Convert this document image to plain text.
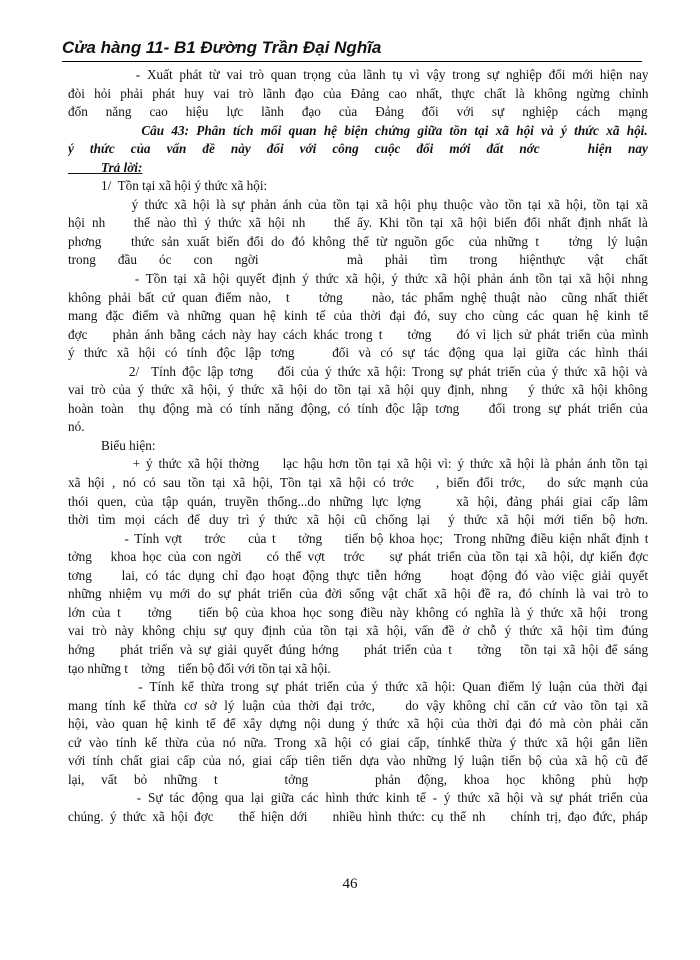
Cửa hàng 11- B1 Đường Trần Đại Nghĩa
- Xuất phát từ vai trò quan trọng của lãnh tụ vì vậy trong sự nghiệp đổi mới hiện nay
đòi hỏi phải phát huy vai trò lãnh đạo của Đảng cao nhất, thực chất là không ngừng chỉnh
đốn năng cao hiệu lực lãnh đạo của Đảng đối với sự nghiệp cách mạng
Câu 43: Phân tích mối quan hệ biện chứng giữa tồn tại xã hội và ý thức xã hội.
ý thức của vấn đề này đối với công cuộc đổi mới đất nớc   hiện nay
Trả lời:
1/  Tồn tại xã hội ý thức xã hội:
ý thức xã hội là sự phản ánh của tồn tại xã hội phụ thuộc vào tồn tại xã hội, tồn tại xã
hội nh    thế nào thì ý thức xã hội nh    thế ấy. Khi tồn tại xã hội biến đổi nhất định nhất là
phơng    thức sản xuất biến đổi do đó không thể từ nguồn gốc  của những t    tởng  lý luận
trong đầu óc con ngời    mà phải tìm trong hiệnthực vật chất
- Tồn tại xã hội quyết định ý thức xã hội, ý thức xã hội phản ánh tồn tại xã hội nhng
không phải bất cứ quan điểm nào,  t    tởng    nào, tác phẩm nghệ thuật nào  cũng nhất thiết
mang đặc điểm và những quan hệ kinh tế của thời đại đó, suy cho cùng các quan hệ kinh tế
đợc    phản ánh bằng cách này hay cách khác trong t    tởng    đó vì lịch sử phát triển của mình
ý thức xã hội có tính độc lập tơng    đối và có sự tác động qua lại giữa các hình thái
2/  Tính độc lập tơng    đối của ý thức xã hội: Trong sự phát triển của ý thức xã hội và
vai trò của ý thức xã hội, ý thức xã hội do tồn tại xã hội quy định, nhng   ý thức xã hội không
hoàn toàn  thụ động mà có tính năng động, có tính độc lập tơng    đối trong sự phát triển của
nó.
Biểu hiện:
+ ý thức xã hội thờng    lạc hậu hơn tồn tại xã hội vì: ý thức xã hội là phản ánh tồn tại
xã hội , nó có sau tồn tại xã hội, Tồn tại xã hội có trớc   , biến đổi trớc,   do sức mạnh của
thói quen, của tập quán, truyền thống...do những lực lợng    xã hội, đảng phái giai cấp lâm
thời tìm mọi cách để duy trì ý thức xã hội cũ chống lại  ý thức xã hội mới tiến bộ hơn.
- Tính vợt    trớc    của t    tởng    tiến bộ khoa học;  Trong những điều kiện nhất định t
tởng   khoa học của con ngời    có thể vợt   trớc    sự phát triển của tồn tại xã hội, dự kiến đợc
tơng    lai, có tác dụng chỉ đạo hoạt động thực tiễn hớng    hoạt động đó vào việc giải quyết
những nhiệm vụ mới do sự phát triển của đời sống vật chất xã hội đề ra, đó chính là vai trò to
lớn của t    tởng    tiến bộ của khoa học song điều này không có nghĩa là ý thức xã hội  trong
vai trò này không chịu sự quy định của tồn tại xã hội, vấn đề ở chỗ ý thức xã hội tìm đúng
hớng    phát triển và sự giải quyết đúng hớng    phát triển của t    tởng   tồn tại xã hội để sáng
tạo những t    tởng    tiến bộ đối với tồn tại xã hội.
- Tính kế thừa trong sự phát triển của ý thức xã hội: Quan điểm lý luận của thời đại
mang tính kế thừa cơ sở lý luận của thời đại trớc,    do vậy không chỉ căn cứ vào tồn tại xã
hội, vào quan hệ kinh tế để xây dựng nội dung ý thức xã hội của thời đại đó mà còn phải căn
cứ vào tính kế thừa của nó nữa. Trong xã hội có giai cấp, tínhkế thừa ý thức xã hội gắn liền
với tính chất giai cấp của nó, giai cấp tiên tiến dựa vào những lý luận tiến bộ của xã hộ cũ để
lại, vất bỏ những t    tởng    phản động, khoa học không phù hợp
- Sự tác động qua lại giữa các hình thức kinh tế - ý thức xã hội và sự phát triển của
chúng. ý thức xã hội đợc    thể hiện dới    nhiều hình thức: cụ thể nh    chính trị, đạo đức, pháp
46
